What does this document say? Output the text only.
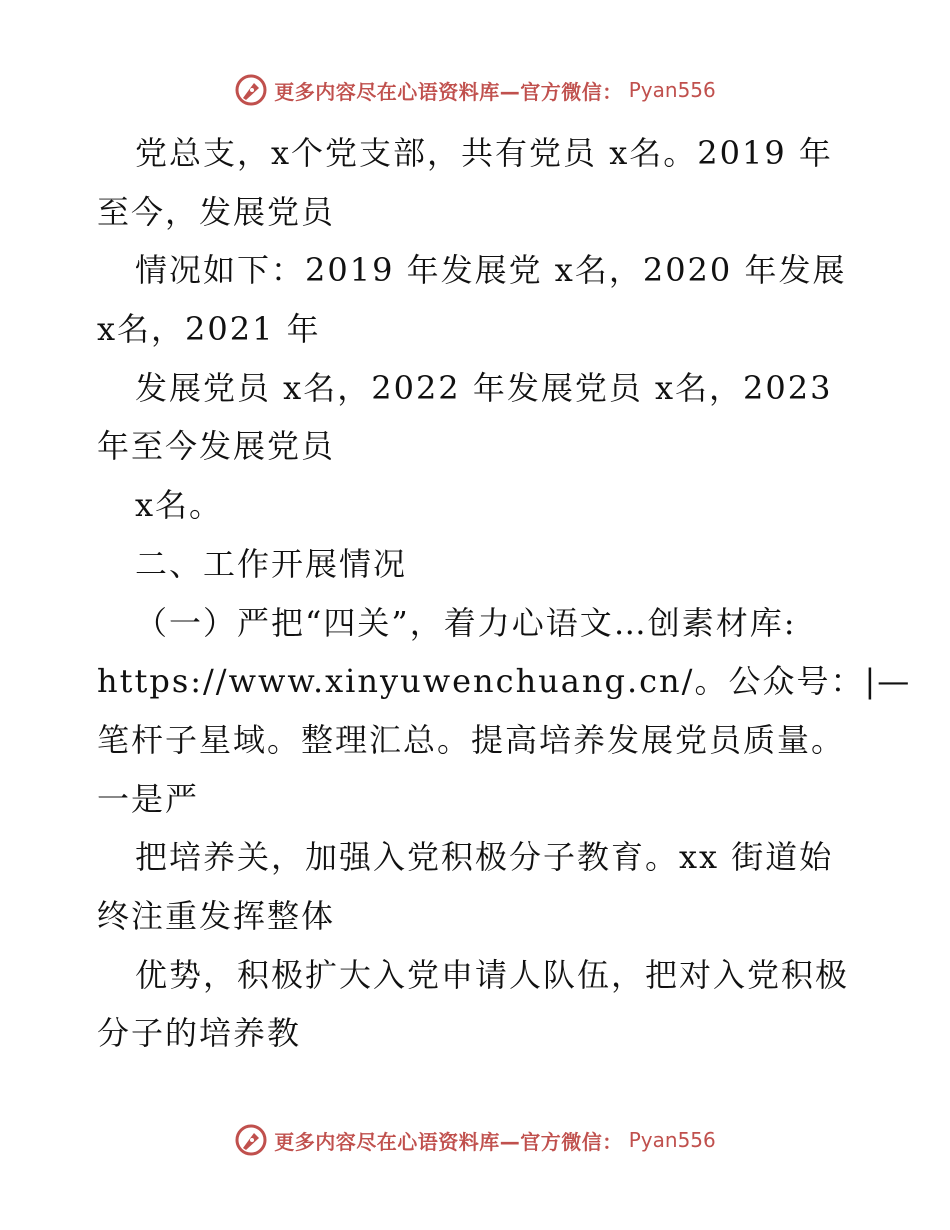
更多内容尽在心语资料库—官方微信： Pyan556
党总支，x个党支部，共有党员 x名。2019 年
至今，发展党员
情况如下：2019 年发展党 x名，2020 年发展
x名，2021 年
发展党员 x名，2022 年发展党员 x名，2023
年至今发展党员
x名。
二、工作开展情况
（一）严把“四关”，着力心语文…创素材库:
https://www.xinyuwenchuang.cn/。公众号：|—
笔杆子星域。整理汇总。提高培养发展党员质量。
一是严
把培养关，加强入党积极分子教育。xx 街道始
终注重发挥整体
优势，积极扩大入党申请人队伍，把对入党积极
分子的培养教
更多内容尽在心语资料库—官方微信： Pyan556
